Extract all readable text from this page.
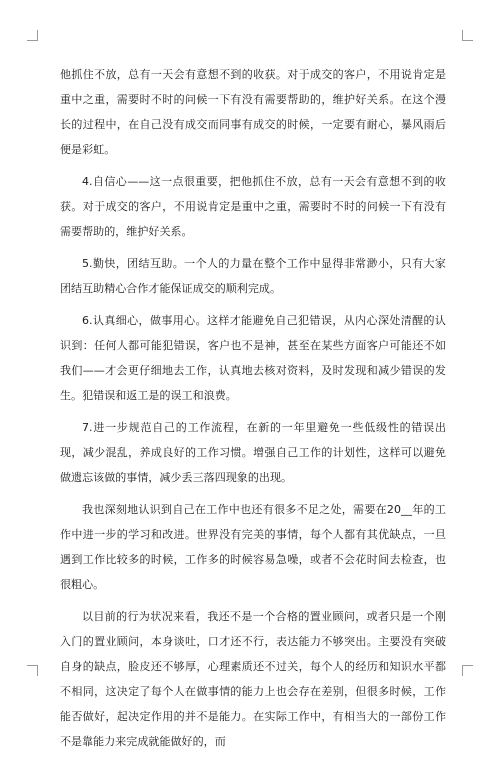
他抓住不放，总有一天会有意想不到的收获。对于成交的客户，不用说肯定是重中之重，需要时不时的问候一下有没有需要帮助的，维护好关系。在这个漫长的过程中，在自己没有成交而同事有成交的时候，一定要有耐心，暴风雨后便是彩虹。

4.自信心——这一点很重要，把他抓住不放，总有一天会有意想不到的收获。对于成交的客户，不用说肯定是重中之重，需要时不时的问候一下有没有需要帮助的，维护好关系。

5.勤快，团结互助。一个人的力量在整个工作中显得非常渺小，只有大家团结互助精心合作才能保证成交的顺利完成。

6.认真细心，做事用心。这样才能避免自己犯错误，从内心深处清醒的认识到：任何人都可能犯错误，客户也不是神，甚至在某些方面客户可能还不如我们——才会更仔细地去工作，认真地去核对资料，及时发现和减少错误的发生。犯错误和返工是的误工和浪费。

7.进一步规范自己的工作流程，在新的一年里避免一些低级性的错误出现，减少混乱，养成良好的工作习惯。增强自己工作的计划性，这样可以避免做遗忘该做的事情，减少丢三落四现象的出现。

我也深刻地认识到自己在工作中也还有很多不足之处，需要在20__年的工作中进一步的学习和改进。世界没有完美的事情，每个人都有其优缺点，一旦遇到工作比较多的时候，工作多的时候容易急噪，或者不会花时间去检查，也很粗心。

以目前的行为状况来看，我还不是一个合格的置业顾问，或者只是一个刚入门的置业顾问，本身谈吐，口才还不行，表达能力不够突出。主要没有突破自身的缺点，脸皮还不够厚，心理素质还不过关，每个人的经历和知识水平都不相同，这决定了每个人在做事情的能力上也会存在差别，但很多时候，工作能否做好，起决定作用的并不是能力。在实际工作中，有相当大的一部份工作不是靠能力来完成就能做好的，而
